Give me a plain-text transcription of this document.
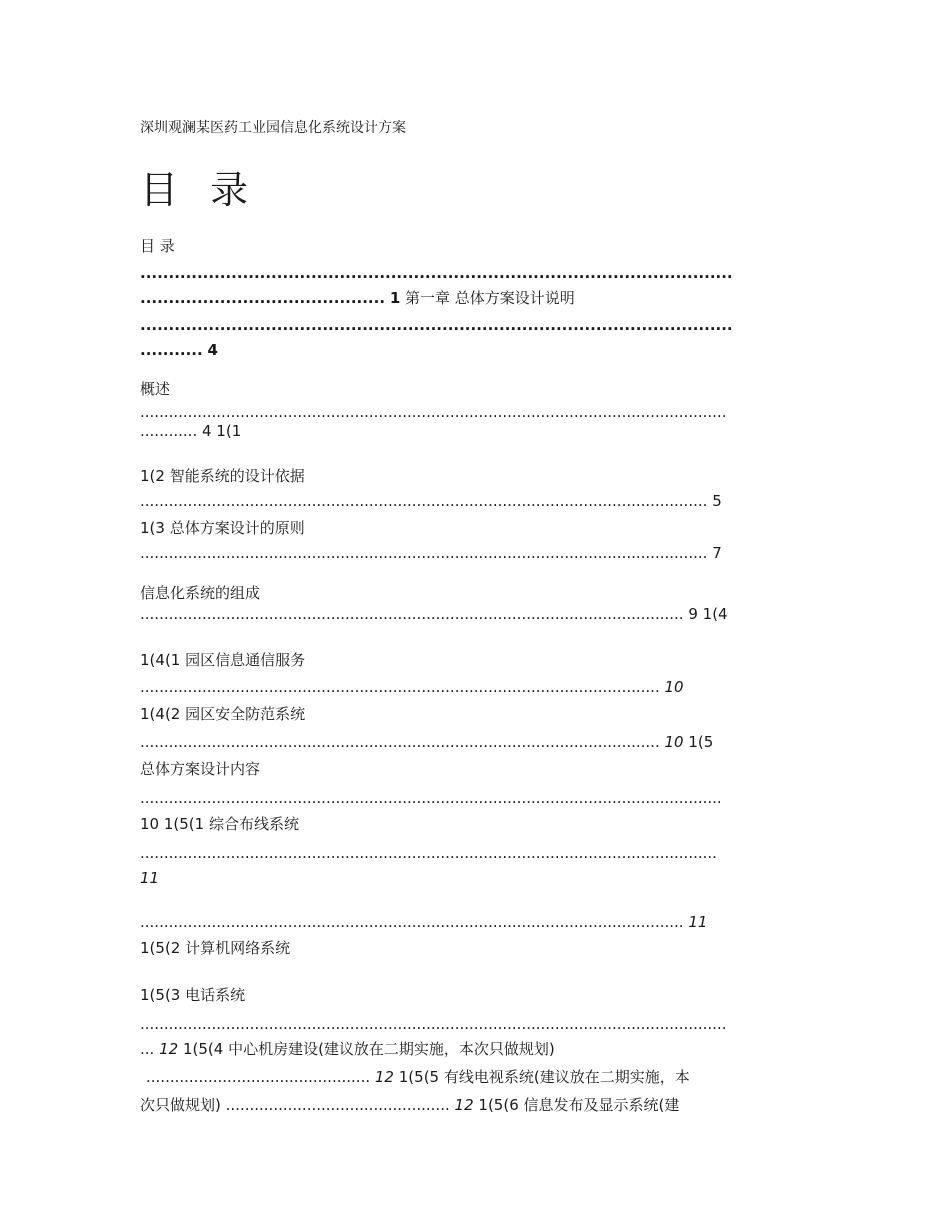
深圳观澜某医药工业园信息化系统设计方案
目 录
目 录
........................................................................................................
........................................... 1 第一章 总体方案设计说明
........................................................................................................
........... 4
概述
...........................................................................................................................
............ 4 1(1
1(2 智能系统的设计依据
....................................................................................................................... 5
1(3 总体方案设计的原则
....................................................................................................................... 7
信息化系统的组成
.................................................................................................................. 9 1(4
1(4(1 园区信息通信服务
............................................................................................................. 10
1(4(2 园区安全防范系统
............................................................................................................. 10 1(5
总体方案设计内容
..........................................................................................................................
10 1(5(1 综合布线系统
.........................................................................................................................
11
.................................................................................................................. 11
1(5(2 计算机网络系统
1(5(3 电话系统
...........................................................................................................................
... 12 1(5(4 中心机房建设(建议放在二期实施，本次只做规划)
............................................... 12 1(5(5 有线电视系统(建议放在二期实施，本
次只做规划) ............................................... 12 1(5(6 信息发布及显示系统(建
